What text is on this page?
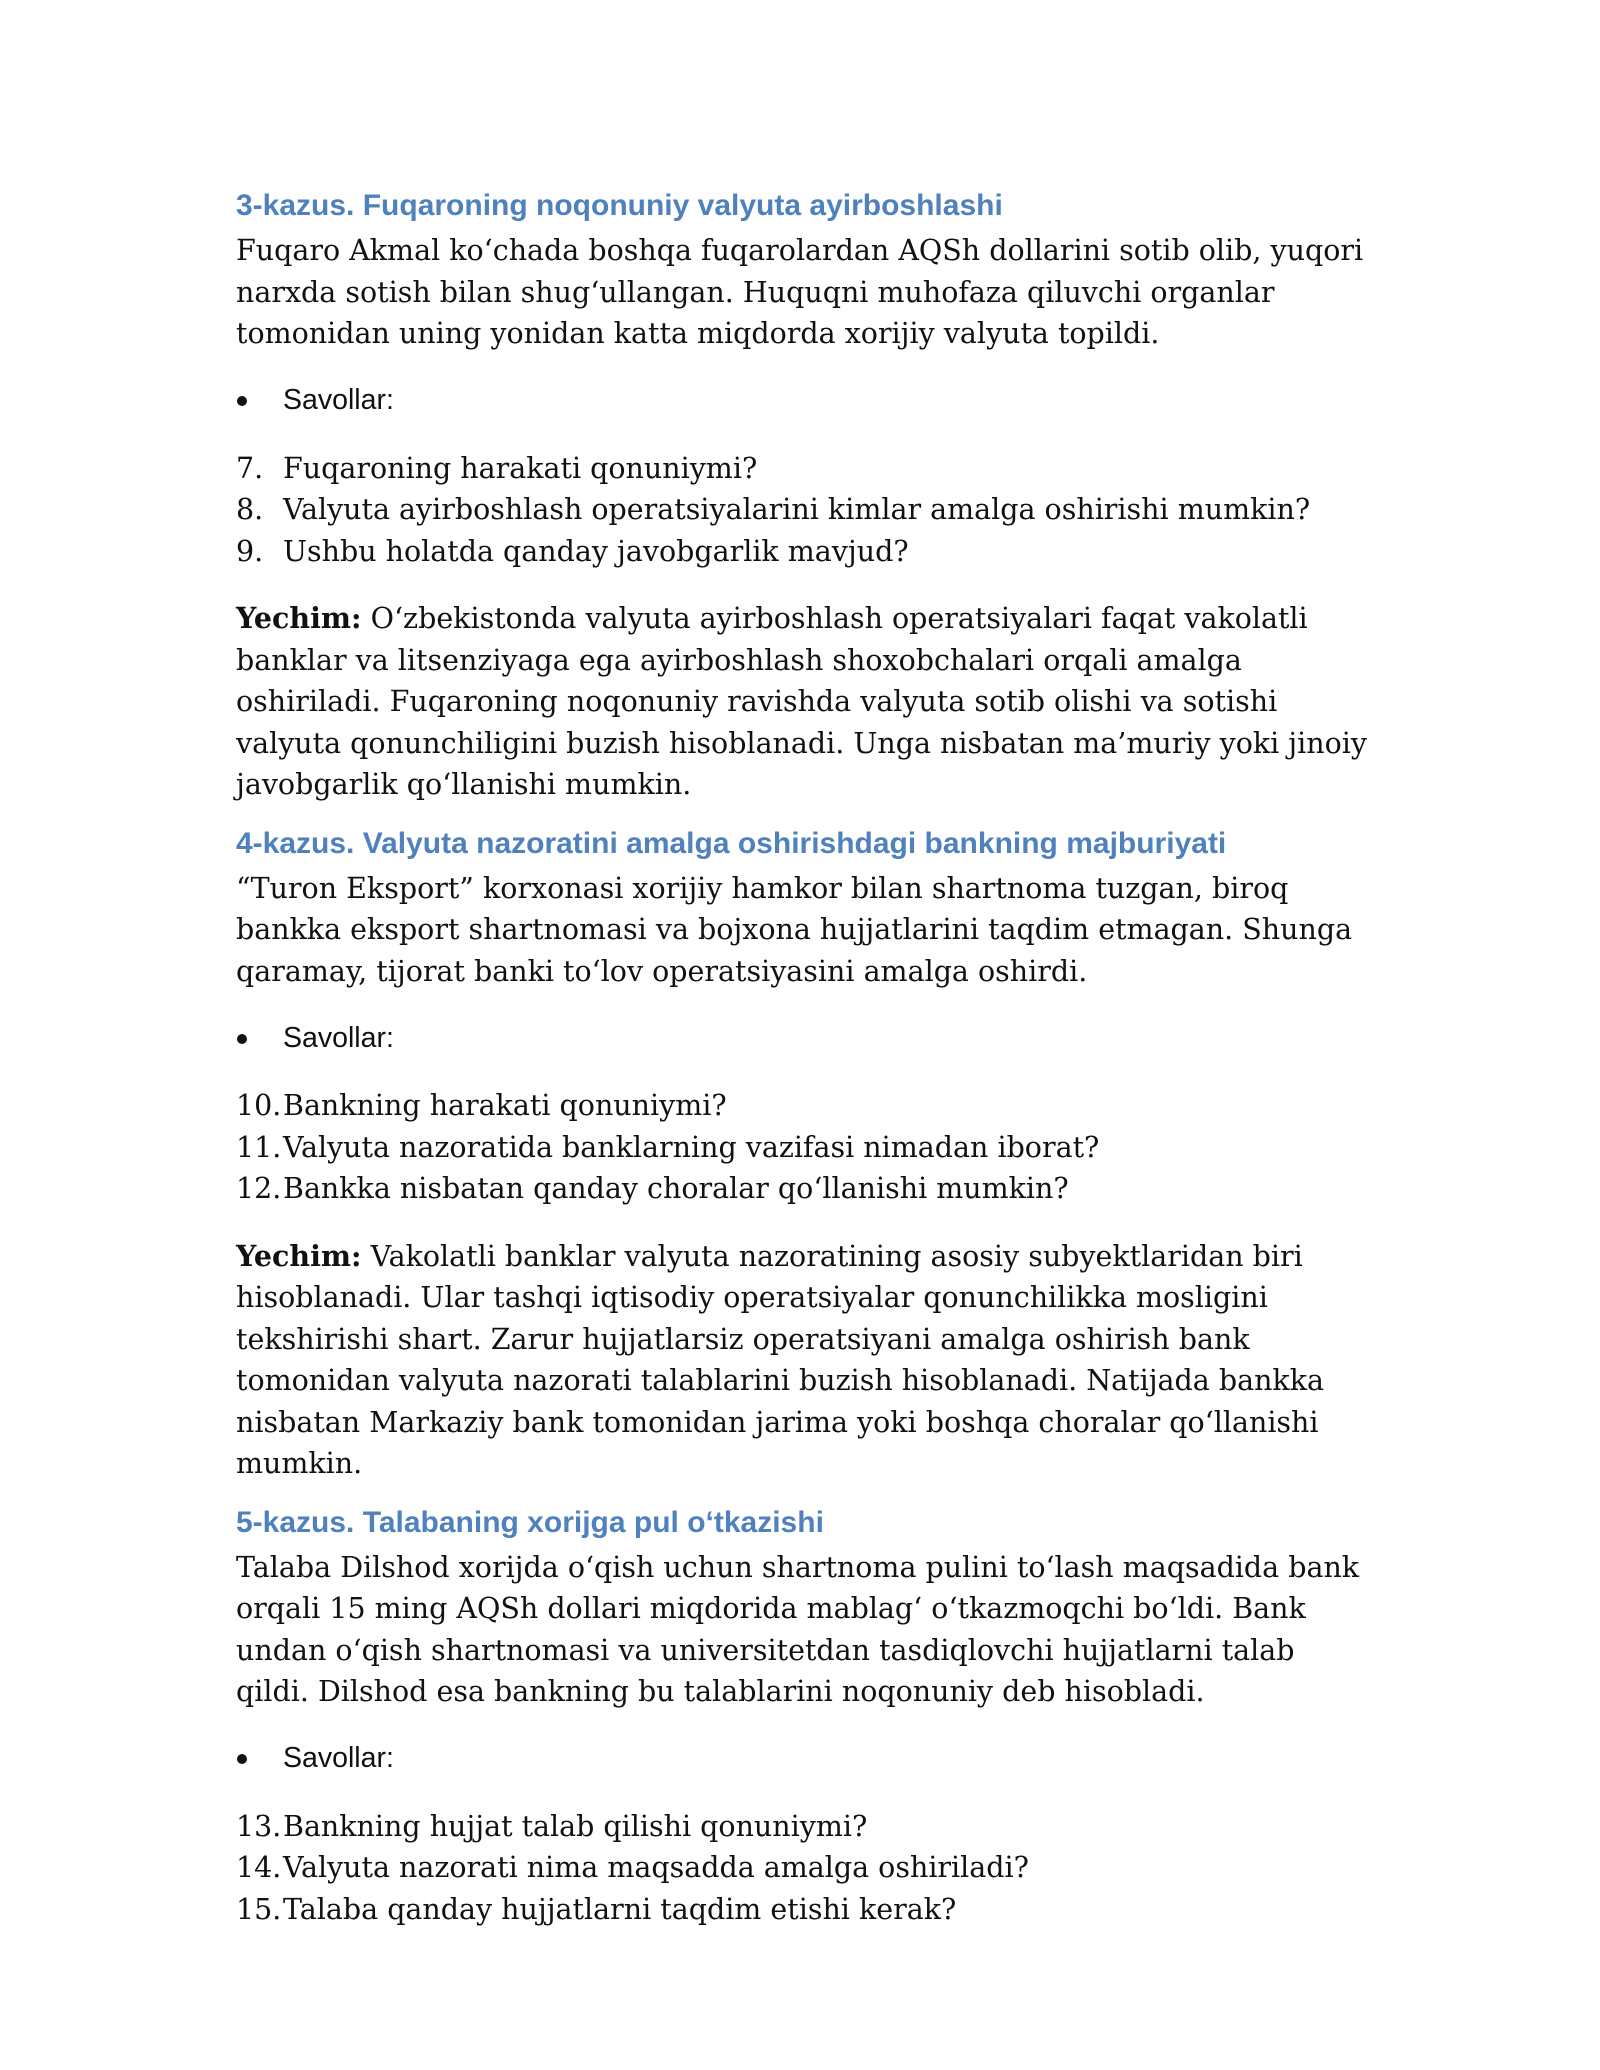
3-kazus. Fuqaroning noqonuniy valyuta ayirboshlashi

Fuqaro Akmal ko‘chada boshqa fuqarolardan AQSh dollarini sotib olib, yuqori narxda sotish bilan shug‘ullangan. Huquqni muhofaza qiluvchi organlar tomonidan uning yonidan katta miqdorda xorijiy valyuta topildi.

Savollar:
7. Fuqaroning harakati qonuniymi?
8. Valyuta ayirboshlash operatsiyalarini kimlar amalga oshirishi mumkin?
9. Ushbu holatda qanday javobgarlik mavjud?

Yechim: O‘zbekistonda valyuta ayirboshlash operatsiyalari faqat vakolatli banklar va litsenziyaga ega ayirboshlash shoxobchalari orqali amalga oshiriladi. Fuqaroning noqonuniy ravishda valyuta sotib olishi va sotishi valyuta qonunchiligini buzish hisoblanadi. Unga nisbatan ma’muriy yoki jinoiy javobgarlik qo‘llanishi mumkin.

4-kazus. Valyuta nazoratini amalga oshirishdagi bankning majburiyati

“Turon Eksport” korxonasi xorijiy hamkor bilan shartnoma tuzgan, biroq bankka eksport shartnomasi va bojxona hujjatlarini taqdim etmagan. Shunga qaramay, tijorat banki to‘lov operatsiyasini amalga oshirdi.

Savollar:
10. Bankning harakati qonuniymi?
11. Valyuta nazoratida banklarning vazifasi nimadan iborat?
12. Bankka nisbatan qanday choralar qo‘llanishi mumkin?

Yechim: Vakolatli banklar valyuta nazoratining asosiy subyektlaridan biri hisoblanadi. Ular tashqi iqtisodiy operatsiyalar qonunchilikka mosligini tekshirishi shart. Zarur hujjatlarsiz operatsiyani amalga oshirish bank tomonidan valyuta nazorati talablarini buzish hisoblanadi. Natijada bankka nisbatan Markaziy bank tomonidan jarima yoki boshqa choralar qo‘llanishi mumkin.

5-kazus. Talabaning xorijga pul o‘tkazishi

Talaba Dilshod xorijda o‘qish uchun shartnoma pulini to‘lash maqsadida bank orqali 15 ming AQSh dollari miqdorida mablag‘ o‘tkazmoqchi bo‘ldi. Bank undan o‘qish shartnomasi va universitetdan tasdiqlovchi hujjatlarni talab qildi. Dilshod esa bankning bu talablarini noqonuniy deb hisobladi.

Savollar:
13. Bankning hujjat talab qilishi qonuniymi?
14. Valyuta nazorati nima maqsadda amalga oshiriladi?
15. Talaba qanday hujjatlarni taqdim etishi kerak?
